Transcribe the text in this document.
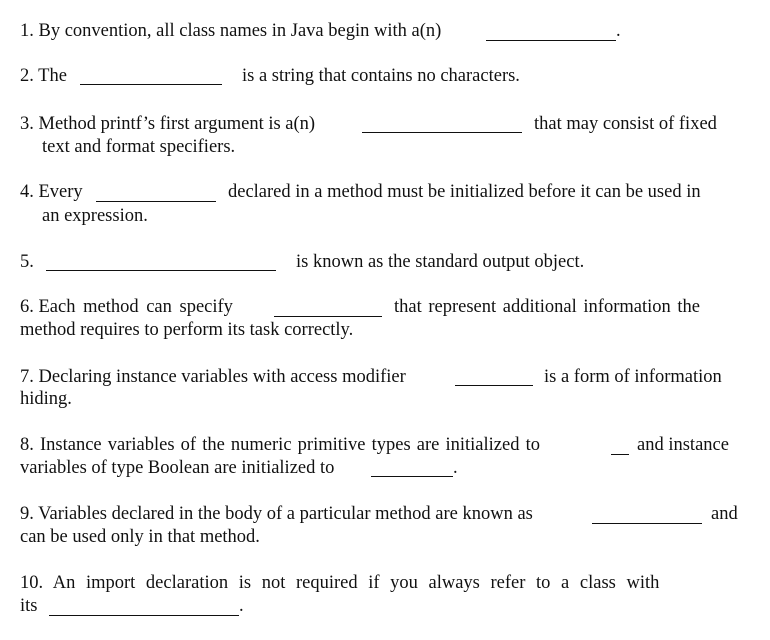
1. By convention, all class names in Java begin with a(n)	.
2. The	is a string that contains no characters.
3. Method printf’s first argument is a(n)	that may consist of fixed
text and format specifiers.
4. Every	declared in a method must be initialized before it can be used in
an expression.
5.	is known as the standard output object.
6. Each method can specify	that represent additional information the
method requires to perform its task correctly.
7. Declaring instance variables with access modifier	is a form of information
hiding.
8. Instance variables of the numeric primitive types are initialized to	and instance
variables of type Boolean are initialized to	.
9. Variables declared in the body of a particular method are known as	and
can be used only in that method.
10. An import declaration is not required if you always refer to a class with
its	.
